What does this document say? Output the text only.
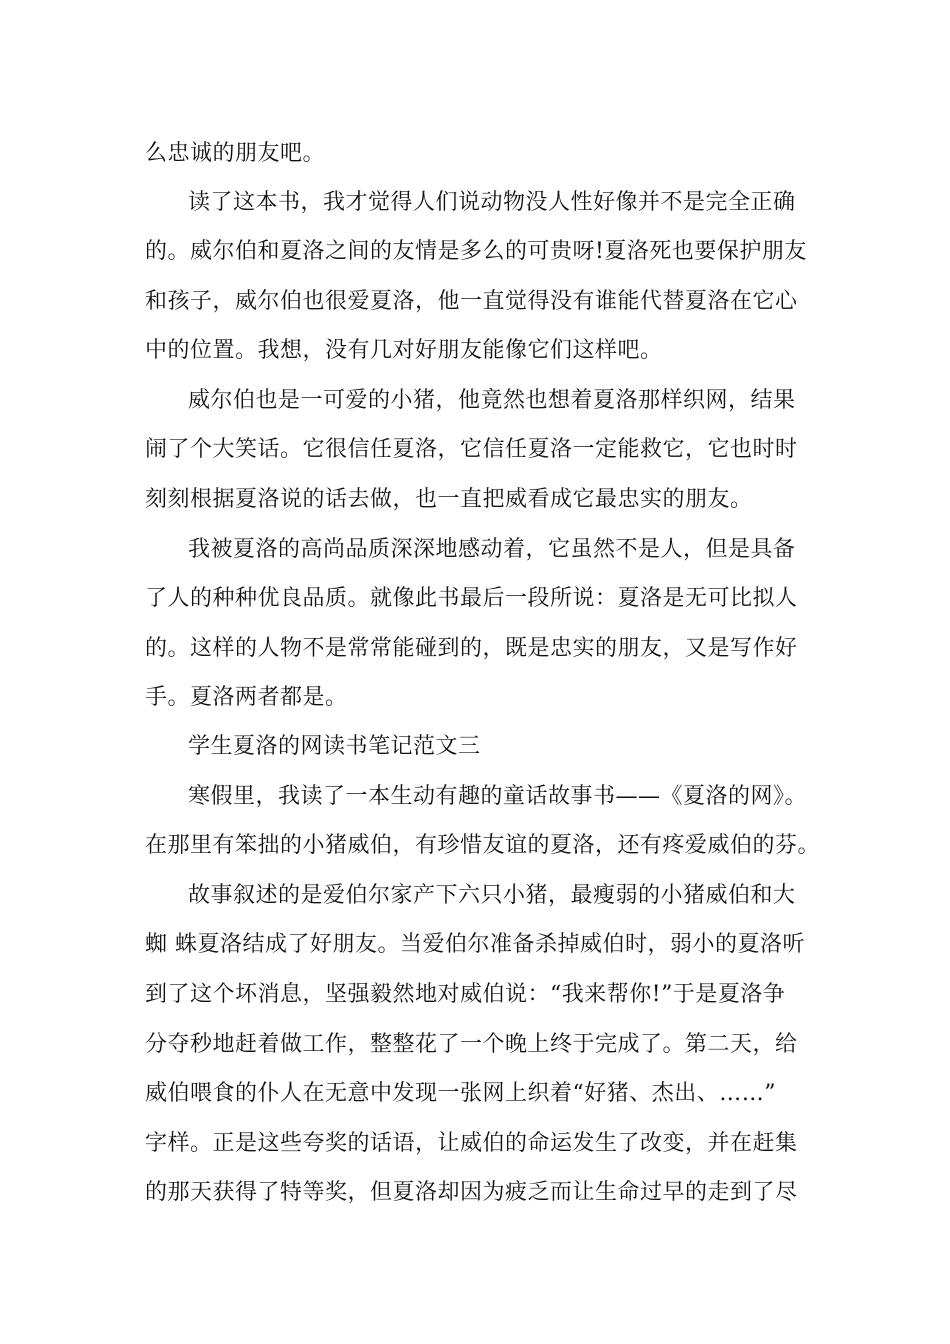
么忠诚的朋友吧。
读了这本书，我才觉得人们说动物没人性好像并不是完全正确
的。威尔伯和夏洛之间的友情是多么的可贵呀!夏洛死也要保护朋友
和孩子，威尔伯也很爱夏洛，他一直觉得没有谁能代替夏洛在它心
中的位置。我想，没有几对好朋友能像它们这样吧。
威尔伯也是一可爱的小猪，他竟然也想着夏洛那样织网，结果
闹了个大笑话。它很信任夏洛，它信任夏洛一定能救它，它也时时
刻刻根据夏洛说的话去做，也一直把威看成它最忠实的朋友。
我被夏洛的高尚品质深深地感动着，它虽然不是人，但是具备
了人的种种优良品质。就像此书最后一段所说：夏洛是无可比拟人
的。这样的人物不是常常能碰到的，既是忠实的朋友，又是写作好
手。夏洛两者都是。
学生夏洛的网读书笔记范文三
寒假里，我读了一本生动有趣的童话故事书——《夏洛的网》。
在那里有笨拙的小猪威伯，有珍惜友谊的夏洛，还有疼爱威伯的芬。
故事叙述的是爱伯尔家产下六只小猪，最瘦弱的小猪威伯和大
蜘 蛛夏洛结成了好朋友。当爱伯尔准备杀掉威伯时，弱小的夏洛听
到了这个坏消息，坚强毅然地对威伯说：“我来帮你!”于是夏洛争
分夺秒地赶着做工作，整整花了一个晚上终于完成了。第二天，给
威伯喂食的仆人在无意中发现一张网上织着“好猪、杰出、……”
字样。正是这些夸奖的话语，让威伯的命运发生了改变，并在赶集
的那天获得了特等奖，但夏洛却因为疲乏而让生命过早的走到了尽
